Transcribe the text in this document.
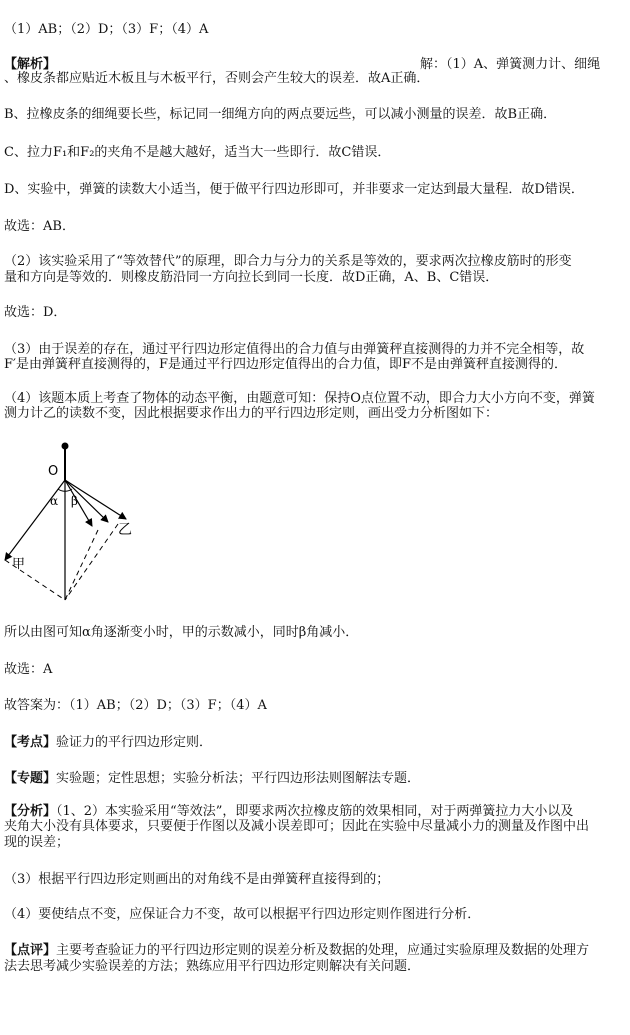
（1）AB；（2）D；（3）F；（4）A
【解析】	解：（1）A、弹簧测力计、细绳
、橡皮条都应贴近木板且与木板平行，否则会产生较大的误差．故A正确．
B、拉橡皮条的细绳要长些，标记同一细绳方向的两点要远些，可以减小测量的误差．故B正确．
C、拉力F₁和F₂的夹角不是越大越好，适当大一些即行．故C错误．
D、实验中，弹簧的读数大小适当，便于做平行四边形即可，并非要求一定达到最大量程．故D错误．
故选：AB．
（2）该实验采用了“等效替代”的原理，即合力与分力的关系是等效的，要求两次拉橡皮筋时的形变
量和方向是等效的．则橡皮筋沿同一方向拉长到同一长度．故D正确，A、B、C错误．
故选：D．
（3）由于误差的存在，通过平行四边形定值得出的合力值与由弹簧秤直接测得的力并不完全相等，故
F′是由弹簧秤直接测得的，F是通过平行四边形定值得出的合力值，即F不是由弹簧秤直接测得的．
（4）该题本质上考查了物体的动态平衡，由题意可知：保持O点位置不动，即合力大小方向不变，弹簧
测力计乙的读数不变，因此根据要求作出力的平行四边形定则，画出受力分析图如下：
O
α β
乙
甲
所以由图可知α角逐渐变小时，甲的示数减小，同时β角减小．
故选：A
故答案为：（1）AB；（2）D；（3）F；（4）A
【考点】验证力的平行四边形定则．
【专题】实验题；定性思想；实验分析法；平行四边形法则图解法专题．
【分析】（1、2）本实验采用“等效法”，即要求两次拉橡皮筋的效果相同，对于两弹簧拉力大小以及
夹角大小没有具体要求，只要便于作图以及减小误差即可；因此在实验中尽量减小力的测量及作图中出
现的误差；
（3）根据平行四边形定则画出的对角线不是由弹簧秤直接得到的；
（4）要使结点不变，应保证合力不变，故可以根据平行四边形定则作图进行分析．
【点评】主要考查验证力的平行四边形定则的误差分析及数据的处理，应通过实验原理及数据的处理方
法去思考减少实验误差的方法；熟练应用平行四边形定则解决有关问题．
